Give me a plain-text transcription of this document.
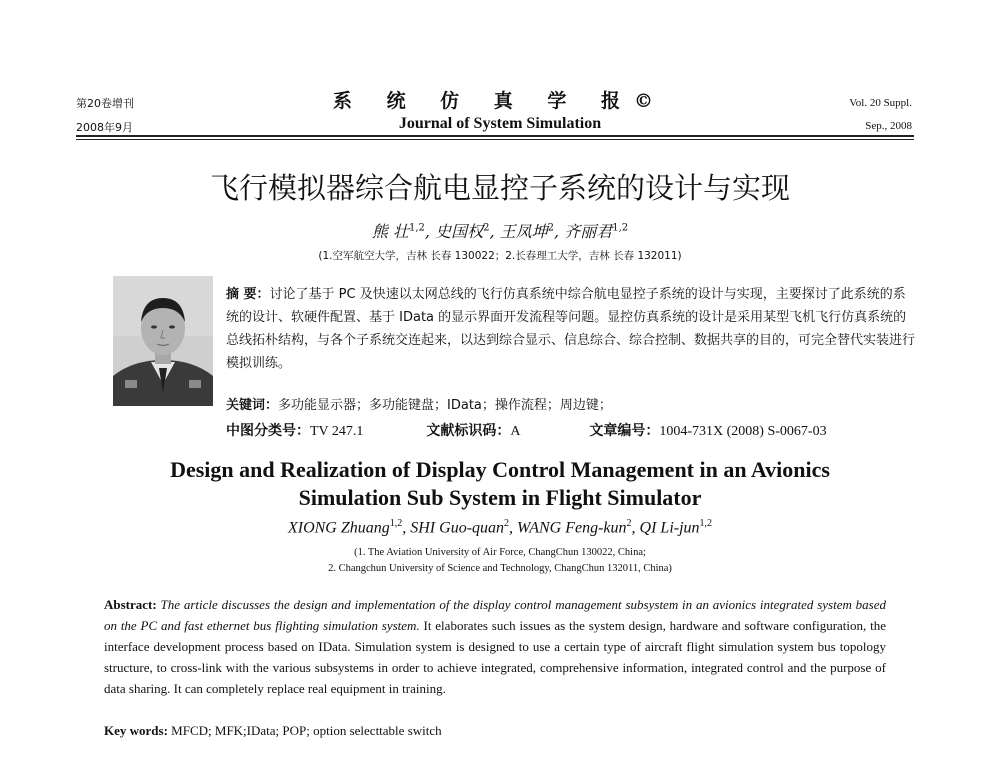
第20卷增刊
2008年9月
系 统 仿 真 学 报©
Journal of System Simulation
Vol. 20 Suppl.
Sep., 2008
飞行模拟器综合航电显控子系统的设计与实现
熊 壮$^{1,2}$, 史国权$^2$, 王凤坤$^2$, 齐丽君$^{1,2}$
(1.空军航空大学，吉林 长春 130022；2.长春理工大学，吉林 长春 132011)
摘 要：讨论了基于 PC 及快速以太网总线的飞行仿真系统中综合航电显控子系统的设计与实现，主要探讨了此系统的系统的设计、软硬件配置、基于 IData 的显示界面开发流程等问题。显控仿真系统的设计是采用某型飞机飞行仿真系统的总线拓朴结构，与各个子系统交连起来，以达到综合显示、信息综合、综合控制、数据共享的目的，可完全替代实装进行模拟训练。
关键词：多功能显示器；多功能键盘；IData；操作流程；周边键；
中图分类号：TV 247.1	文献标识码：A	文章编号：1004-731X (2008) S-0067-03
Design and Realization of Display Control Management in an Avionics Simulation Sub System in Flight Simulator
XIONG Zhuang$^{1,2}$, SHI Guo-quan$^2$, WANG Feng-kun$^2$, QI Li-jun$^{1,2}$
(1. The Aviation University of Air Force, ChangChun 130022, China;
2. Changchun University of Science and Technology, ChangChun 132011, China)
Abstract: The article discusses the design and implementation of the display control management subsystem in an avionics integrated system based on the PC and fast ethernet bus flighting simulation system. It elaborates such issues as the system design, hardware and software configuration, the interface development process based on IData. Simulation system is designed to use a certain type of aircraft flight simulation system bus topology structure, to cross-link with the various subsystems in order to achieve integrated, comprehensive information, integrated control and the purpose of data sharing. It can completely replace real equipment in training.
Key words: MFCD; MFK;IData; POP; option selecttable switch
